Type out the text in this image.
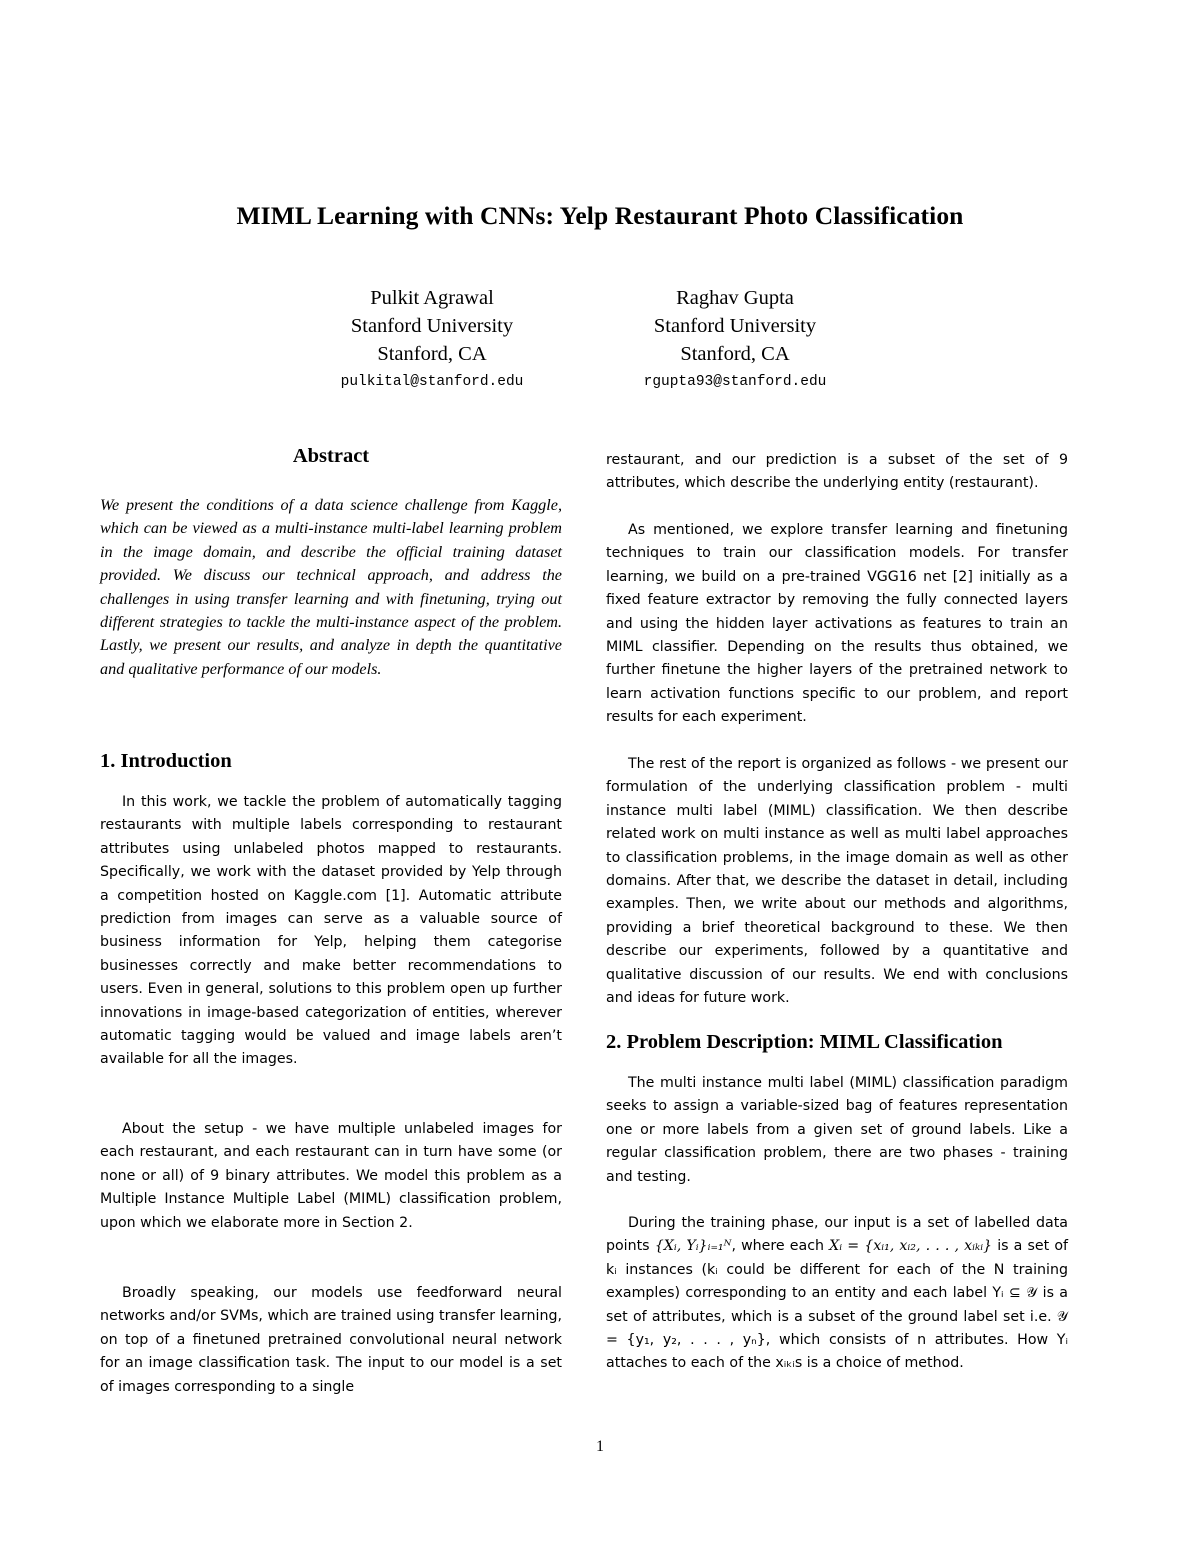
MIML Learning with CNNs: Yelp Restaurant Photo Classification
Pulkit Agrawal
Stanford University
Stanford, CA
pulkital@stanford.edu
Raghav Gupta
Stanford University
Stanford, CA
rgupta93@stanford.edu
Abstract
We present the conditions of a data science challenge from Kaggle, which can be viewed as a multi-instance multi-label learning problem in the image domain, and describe the official training dataset provided. We discuss our technical approach, and address the challenges in using transfer learning and with finetuning, trying out different strategies to tackle the multi-instance aspect of the problem. Lastly, we present our results, and analyze in depth the quantitative and qualitative performance of our models.
1. Introduction
In this work, we tackle the problem of automatically tagging restaurants with multiple labels corresponding to restaurant attributes using unlabeled photos mapped to restaurants. Specifically, we work with the dataset provided by Yelp through a competition hosted on Kaggle.com [1]. Automatic attribute prediction from images can serve as a valuable source of business information for Yelp, helping them categorise businesses correctly and make better recommendations to users. Even in general, solutions to this problem open up further innovations in image-based categorization of entities, wherever automatic tagging would be valued and image labels aren’t available for all the images.
About the setup - we have multiple unlabeled images for each restaurant, and each restaurant can in turn have some (or none or all) of 9 binary attributes. We model this problem as a Multiple Instance Multiple Label (MIML) classification problem, upon which we elaborate more in Section 2.
Broadly speaking, our models use feedforward neural networks and/or SVMs, which are trained using transfer learning, on top of a finetuned pretrained convolutional neural network for an image classification task. The input to our model is a set of images corresponding to a single
restaurant, and our prediction is a subset of the set of 9 attributes, which describe the underlying entity (restaurant).
As mentioned, we explore transfer learning and finetuning techniques to train our classification models. For transfer learning, we build on a pre-trained VGG16 net [2] initially as a fixed feature extractor by removing the fully connected layers and using the hidden layer activations as features to train an MIML classifier. Depending on the results thus obtained, we further finetune the higher layers of the pretrained network to learn activation functions specific to our problem, and report results for each experiment.
The rest of the report is organized as follows - we present our formulation of the underlying classification problem - multi instance multi label (MIML) classification. We then describe related work on multi instance as well as multi label approaches to classification problems, in the image domain as well as other domains. After that, we describe the dataset in detail, including examples. Then, we write about our methods and algorithms, providing a brief theoretical background to these. We then describe our experiments, followed by a quantitative and qualitative discussion of our results. We end with conclusions and ideas for future work.
2. Problem Description: MIML Classification
The multi instance multi label (MIML) classification paradigm seeks to assign a variable-sized bag of features representation one or more labels from a given set of ground labels. Like a regular classification problem, there are two phases - training and testing.
During the training phase, our input is a set of labelled data points {Xᵢ, Yᵢ}ᵢ₌₁ᴺ, where each Xᵢ = {xᵢ₁, xᵢ₂, . . . , xᵢₖᵢ} is a set of kᵢ instances (kᵢ could be different for each of the N training examples) corresponding to an entity and each label Yᵢ ⊆ 𝒴 is a set of attributes, which is a subset of the ground label set i.e. 𝒴 = {y₁, y₂, . . . , yₙ}, which consists of n attributes. How Yᵢ attaches to each of the xᵢₖᵢs is a choice of method.
1
